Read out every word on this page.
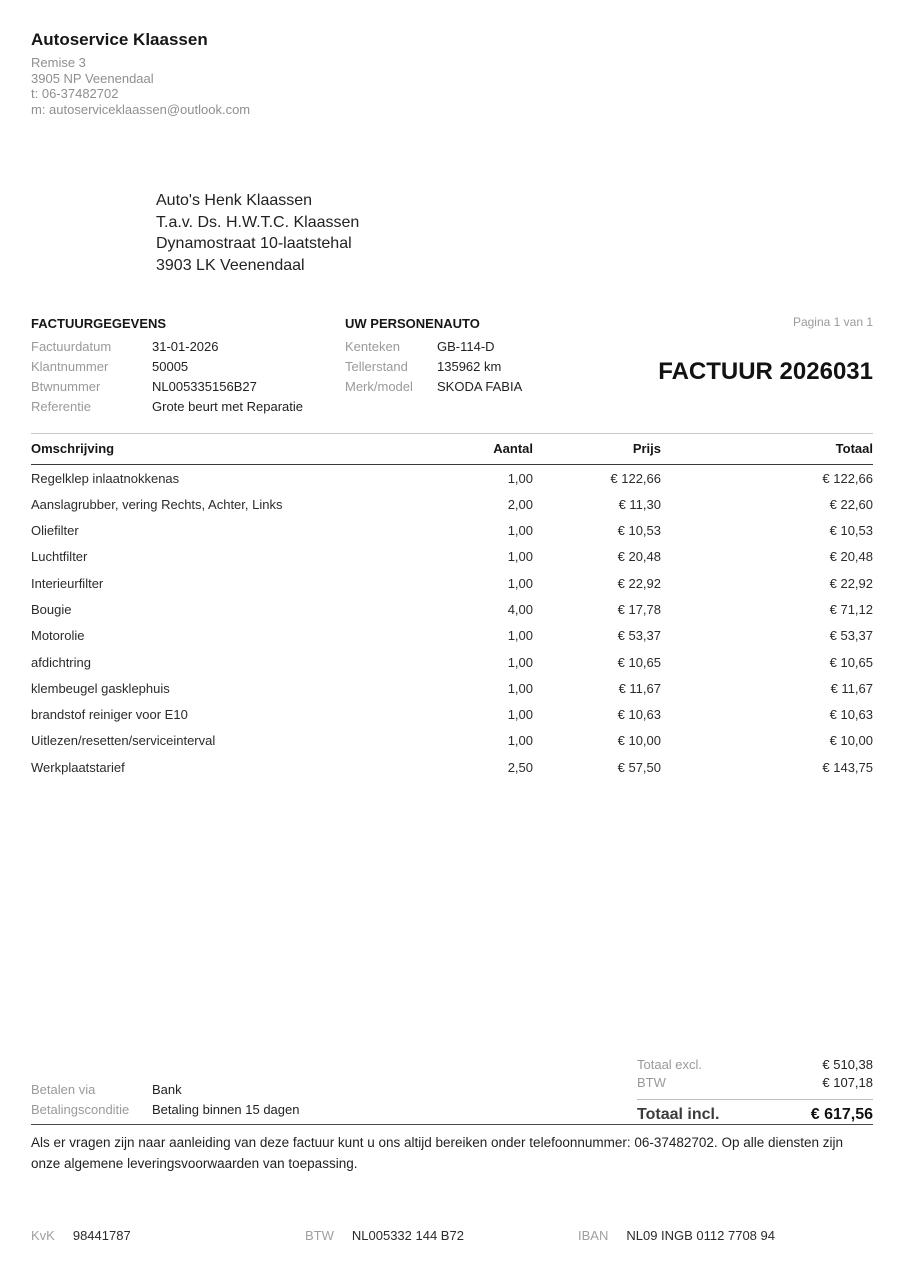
Autoservice Klaassen
Remise 3
3905 NP Veenendaal
t: 06-37482702
m: autoserviceklaassen@outlook.com
Auto's Henk Klaassen
T.a.v. Ds. H.W.T.C. Klaassen
Dynamostraat 10-laatstehal
3903 LK Veenendaal
FACTUURGEGEVENS
Factuurdatum	31-01-2026
Klantnummer	50005
Btwnummer	NL005335156B27
Referentie	Grote beurt met Reparatie
UW PERSONENAUTO
Kenteken	GB-114-D
Tellerstand	135962 km
Merk/model	SKODA FABIA
Pagina 1 van 1
FACTUUR 2026031
Omschrijving	Aantal	Prijs	Totaal
Regelklep inlaatnokkenas	1,00	€ 122,66	€ 122,66
Aanslagrubber, vering Rechts, Achter, Links	2,00	€ 11,30	€ 22,60
Oliefilter	1,00	€ 10,53	€ 10,53
Luchtfilter	1,00	€ 20,48	€ 20,48
Interieurfilter	1,00	€ 22,92	€ 22,92
Bougie	4,00	€ 17,78	€ 71,12
Motorolie	1,00	€ 53,37	€ 53,37
afdichtring	1,00	€ 10,65	€ 10,65
klembeugel gasklephuis	1,00	€ 11,67	€ 11,67
brandstof reiniger voor E10	1,00	€ 10,63	€ 10,63
Uitlezen/resetten/serviceinterval	1,00	€ 10,00	€ 10,00
Werkplaatstarief	2,50	€ 57,50	€ 143,75
Betalen via	Bank
Betalingsconditie	Betaling binnen 15 dagen
Totaal excl.	€ 510,38
BTW	€ 107,18
Totaal incl.	€ 617,56
Als er vragen zijn naar aanleiding van deze factuur kunt u ons altijd bereiken onder telefoonnummer: 06-37482702. Op alle diensten zijn onze algemene leveringsvoorwaarden van toepassing.
KvK 98441787	BTW NL005332 144 B72	IBAN NL09 INGB 0112 7708 94
